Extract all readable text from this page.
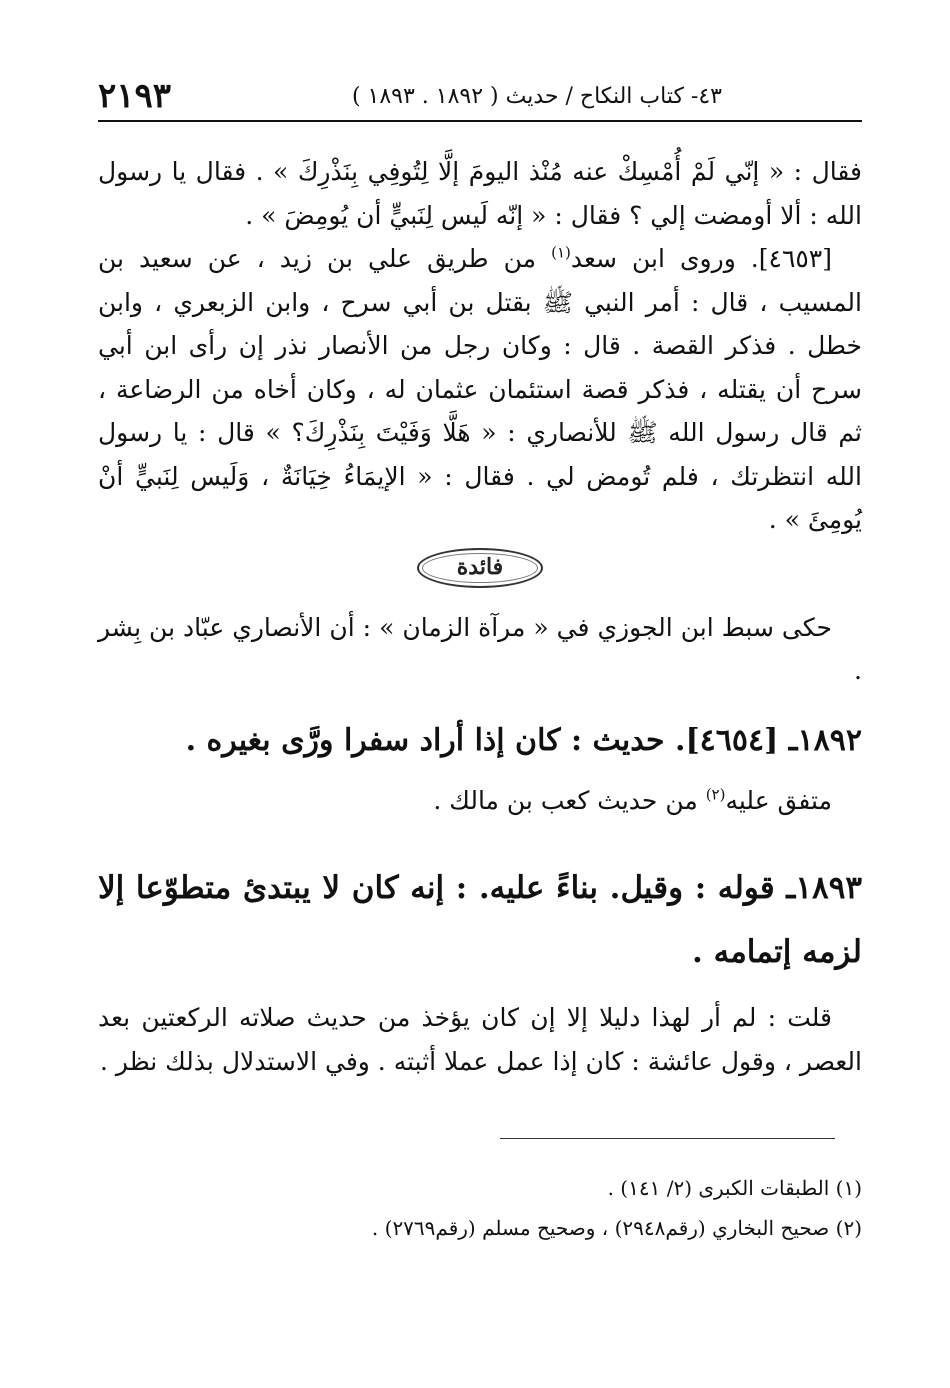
٢١٩٣	٤٣- كتاب النكاح / حديث ( ١٨٩٢ . ١٨٩٣ )

فقال : « إنّي لَمْ أُمْسِكْ عنه مُنْذ اليومَ إلَّا لِتُوفِي بِنَذْرِكَ » . فقال يا رسول الله : ألا أومضت إلي ؟ فقال : « إنّه لَيس لِنَبيٍّ أن يُومِضَ » .

[٤٦٥٣]. وروى ابن سعد$^{(١)}$ من طريق علي بن زيد ، عن سعيد بن المسيب ، قال : أمر النبي ﷺ بقتل بن أبي سرح ، وابن الزبعري ، وابن خطل . فذكر القصة . قال : وكان رجل من الأنصار نذر إن رأى ابن أبي سرح أن يقتله ، فذكر قصة استئمان عثمان له ، وكان أخاه من الرضاعة ، ثم قال رسول الله ﷺ للأنصاري : « هَلَّا وَفَيْتَ بِنَذْرِكَ؟ » قال : يا رسول الله انتظرتك ، فلم تُومض لي . فقال : « الإيمَاءُ خِيَانَةٌ ، وَلَيس لِنَبيٍّ أنْ يُومِئَ » .

فائدة

حكى سبط ابن الجوزي في « مرآة الزمان » : أن الأنصاري عبّاد بن بِشر .

١٨٩٢ـ [٤٦٥٤]. حديث : كان إذا أراد سفرا ورَّى بغيره .

متفق عليه$^{(٢)}$ من حديث كعب بن مالك .

١٨٩٣ـ قوله : وقيل. بناءً عليه. : إنه كان لا يبتدئ متطوّعا إلا لزمه إتمامه .

قلت : لم أر لهذا دليلا إلا إن كان يؤخذ من حديث صلاته الركعتين بعد العصر ، وقول عائشة : كان إذا عمل عملا أثبته . وفي الاستدلال بذلك نظر .

(١) الطبقات الكبرى (٢/ ١٤١) .

(٢) صحيح البخاري (رقم٢٩٤٨) ، وصحيح مسلم (رقم٢٧٦٩) .
